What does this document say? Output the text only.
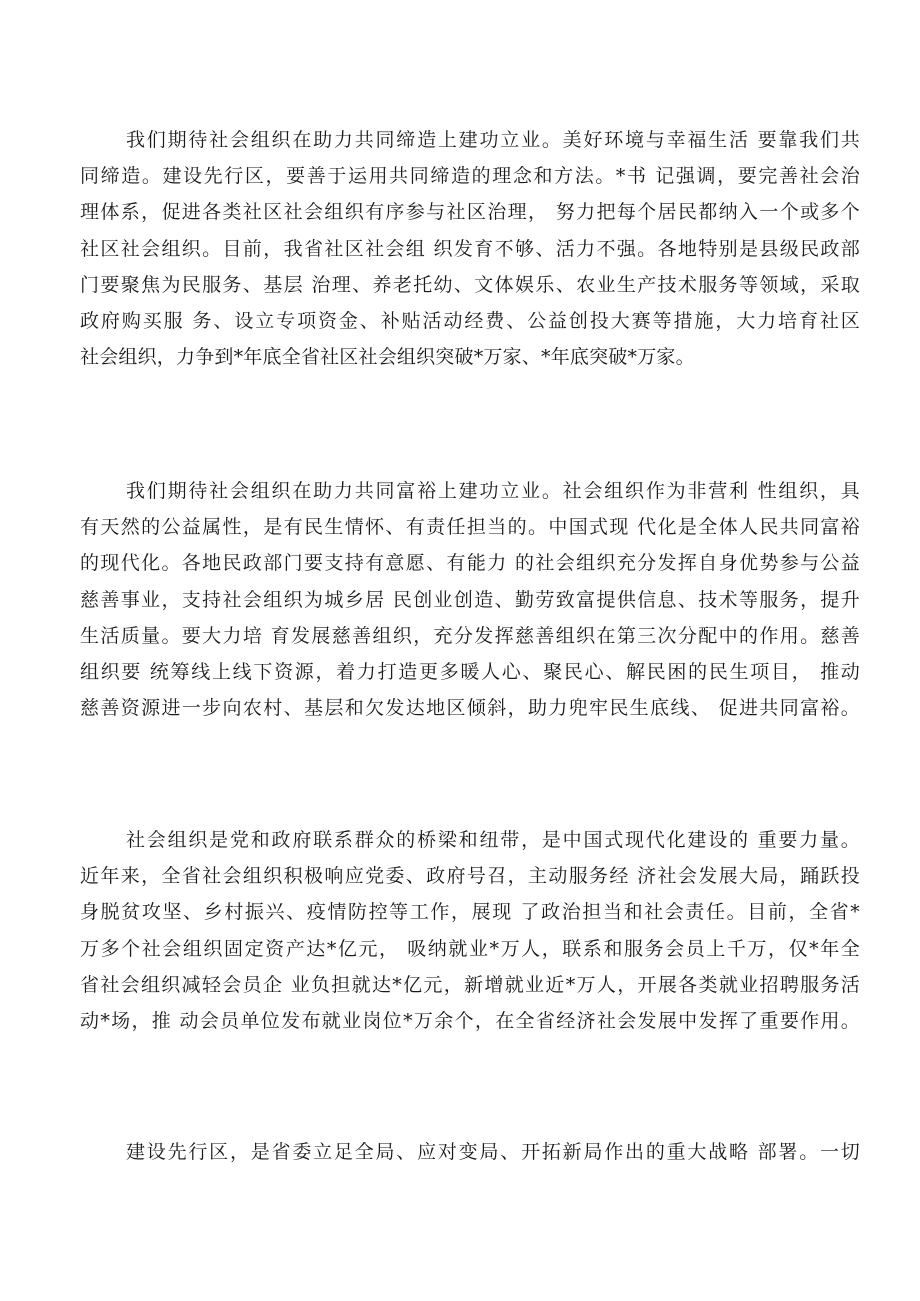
我们期待社会组织在助力共同缔造上建功立业。美好环境与幸福生活 要靠我们共
同缔造。建设先行区，要善于运用共同缔造的理念和方法。*书 记强调，要完善社会治
理体系，促进各类社区社会组织有序参与社区治理， 努力把每个居民都纳入一个或多个
社区社会组织。目前，我省社区社会组 织发育不够、活力不强。各地特别是县级民政部
门要聚焦为民服务、基层 治理、养老托幼、文体娱乐、农业生产技术服务等领域，采取
政府购买服 务、设立专项资金、补贴活动经费、公益创投大赛等措施，大力培育社区
社会组织，力争到*年底全省社区社会组织突破*万家、*年底突破*万家。
我们期待社会组织在助力共同富裕上建功立业。社会组织作为非营利 性组织，具
有天然的公益属性，是有民生情怀、有责任担当的。中国式现 代化是全体人民共同富裕
的现代化。各地民政部门要支持有意愿、有能力 的社会组织充分发挥自身优势参与公益
慈善事业，支持社会组织为城乡居 民创业创造、勤劳致富提供信息、技术等服务，提升
生活质量。要大力培 育发展慈善组织，充分发挥慈善组织在第三次分配中的作用。慈善
组织要 统筹线上线下资源，着力打造更多暖人心、聚民心、解民困的民生项目， 推动
慈善资源进一步向农村、基层和欠发达地区倾斜，助力兜牢民生底线、 促进共同富裕。
社会组织是党和政府联系群众的桥梁和纽带，是中国式现代化建设的 重要力量。
近年来，全省社会组织积极响应党委、政府号召，主动服务经 济社会发展大局，踊跃投
身脱贫攻坚、乡村振兴、疫情防控等工作，展现 了政治担当和社会责任。目前，全省*
万多个社会组织固定资产达*亿元， 吸纳就业*万人，联系和服务会员上千万，仅*年全
省社会组织减轻会员企 业负担就达*亿元，新增就业近*万人，开展各类就业招聘服务活
动*场，推 动会员单位发布就业岗位*万余个，在全省经济社会发展中发挥了重要作用。
建设先行区，是省委立足全局、应对变局、开拓新局作出的重大战略 部署。一切
